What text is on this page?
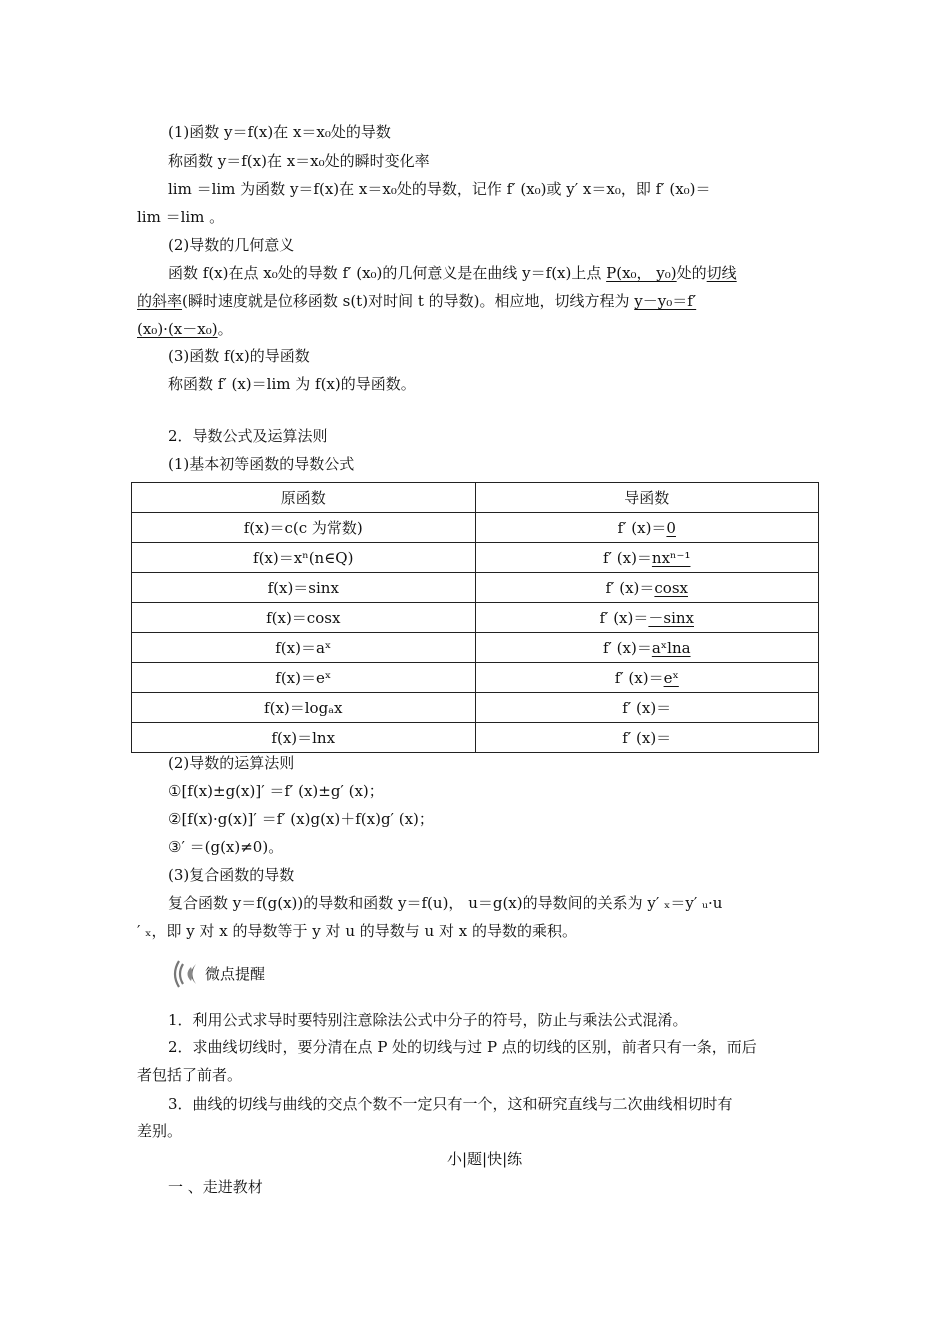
(1)函数 y＝f(x)在 x＝x₀处的导数
称函数 y＝f(x)在 x＝x₀处的瞬时变化率
lim ＝lim 为函数 y＝f(x)在 x＝x₀处的导数，记作 f′ (x₀)或 y′ x＝x₀，即 f′ (x₀)＝
lim ＝lim 。
(2)导数的几何意义
函数 f(x)在点 x₀处的导数 f′ (x₀)的几何意义是在曲线 y＝f(x)上点 P(x₀， y₀)处的切线
的斜率(瞬时速度就是位移函数 s(t)对时间 t 的导数)。相应地，切线方程为 y－y₀＝f′
(x₀)·(x－x₀)。
(3)函数 f(x)的导函数
称函数 f′ (x)＝lim 为 f(x)的导函数。
2．导数公式及运算法则
(1)基本初等函数的导数公式
原函数	导函数
f(x)＝c(c 为常数)	f′ (x)＝0
f(x)＝xⁿ(n∈Q)	f′ (x)＝nxⁿ⁻¹
f(x)＝sinx	f′ (x)＝cosx
f(x)＝cosx	f′ (x)＝－sinx
f(x)＝aˣ	f′ (x)＝aˣlna
f(x)＝eˣ	f′ (x)＝eˣ
f(x)＝logₐx	f′ (x)＝
f(x)＝lnx	f′ (x)＝
(2)导数的运算法则
①[f(x)±g(x)]′ ＝f′ (x)±g′ (x)；
②[f(x)·g(x)]′ ＝f′ (x)g(x)＋f(x)g′ (x)；
③′ ＝(g(x)≠0)。
(3)复合函数的导数
复合函数 y＝f(g(x))的导数和函数 y＝f(u)， u＝g(x)的导数间的关系为 y′ ₓ＝y′ ᵤ·u
′ ₓ，即 y 对 x 的导数等于 y 对 u 的导数与 u 对 x 的导数的乘积。
微点提醒
1．利用公式求导时要特别注意除法公式中分子的符号，防止与乘法公式混淆。
2．求曲线切线时，要分清在点 P 处的切线与过 P 点的切线的区别，前者只有一条，而后
者包括了前者。
3．曲线的切线与曲线的交点个数不一定只有一个，这和研究直线与二次曲线相切时有
差别。
小|题|快|练
一 、走进教材
